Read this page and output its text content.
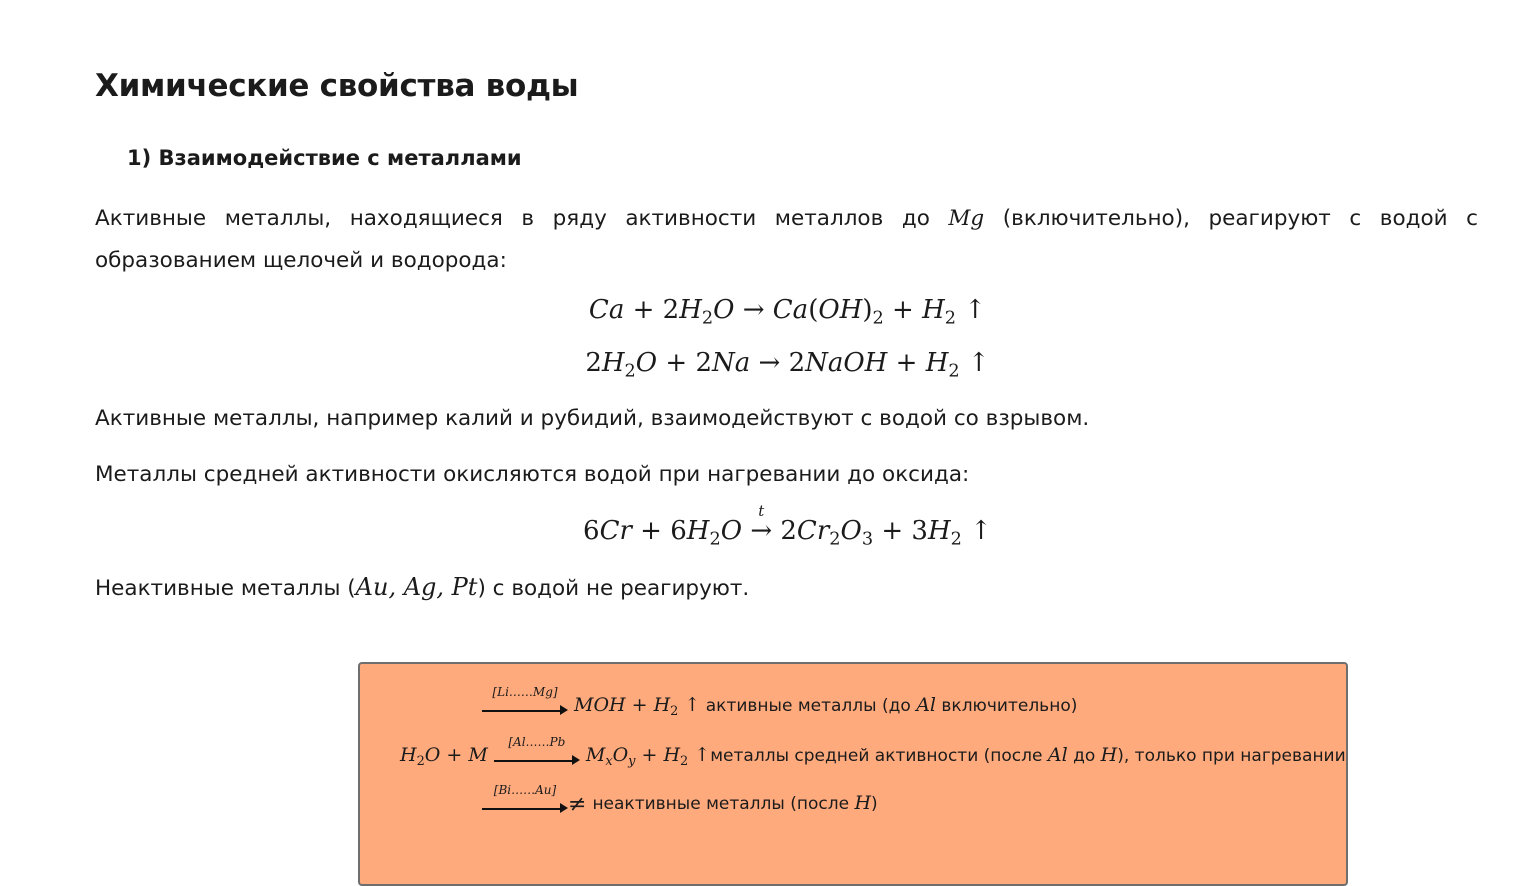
Химические свойства воды
1) Взаимодействие с металлами

Активные металлы, находящиеся в ряду активности металлов до Mg (включительно), реагируют с водой с образованием щелочей и водорода:

$Ca + 2H_2O \to Ca(OH)_2 + H_2$ ↑
$2H_2O + 2Na$ → 2NaOH + $H_2$ ↑

Активные металлы, например калий и рубидий, взаимодействуют с водой со взрывом.

Металлы средней активности окисляются водой при нагревании до оксида:

$6Cr + 6H_2O$
t
→ $2Cr_2O_3 + 3H_2$ ↑

Неактивные металлы (Au, Ag, Pt) с водой не реагируют.

[Li……Mg]
MOH + $H_2$ ↑ активные металлы (до Al включительно)
$H_2O + M$
[Al……Pb
$M_xO_y + H_2$ ↑ металлы средней активности (после Al до H), только при нагревании
[Bi……Au]
≠ неактивные металлы (после H)
